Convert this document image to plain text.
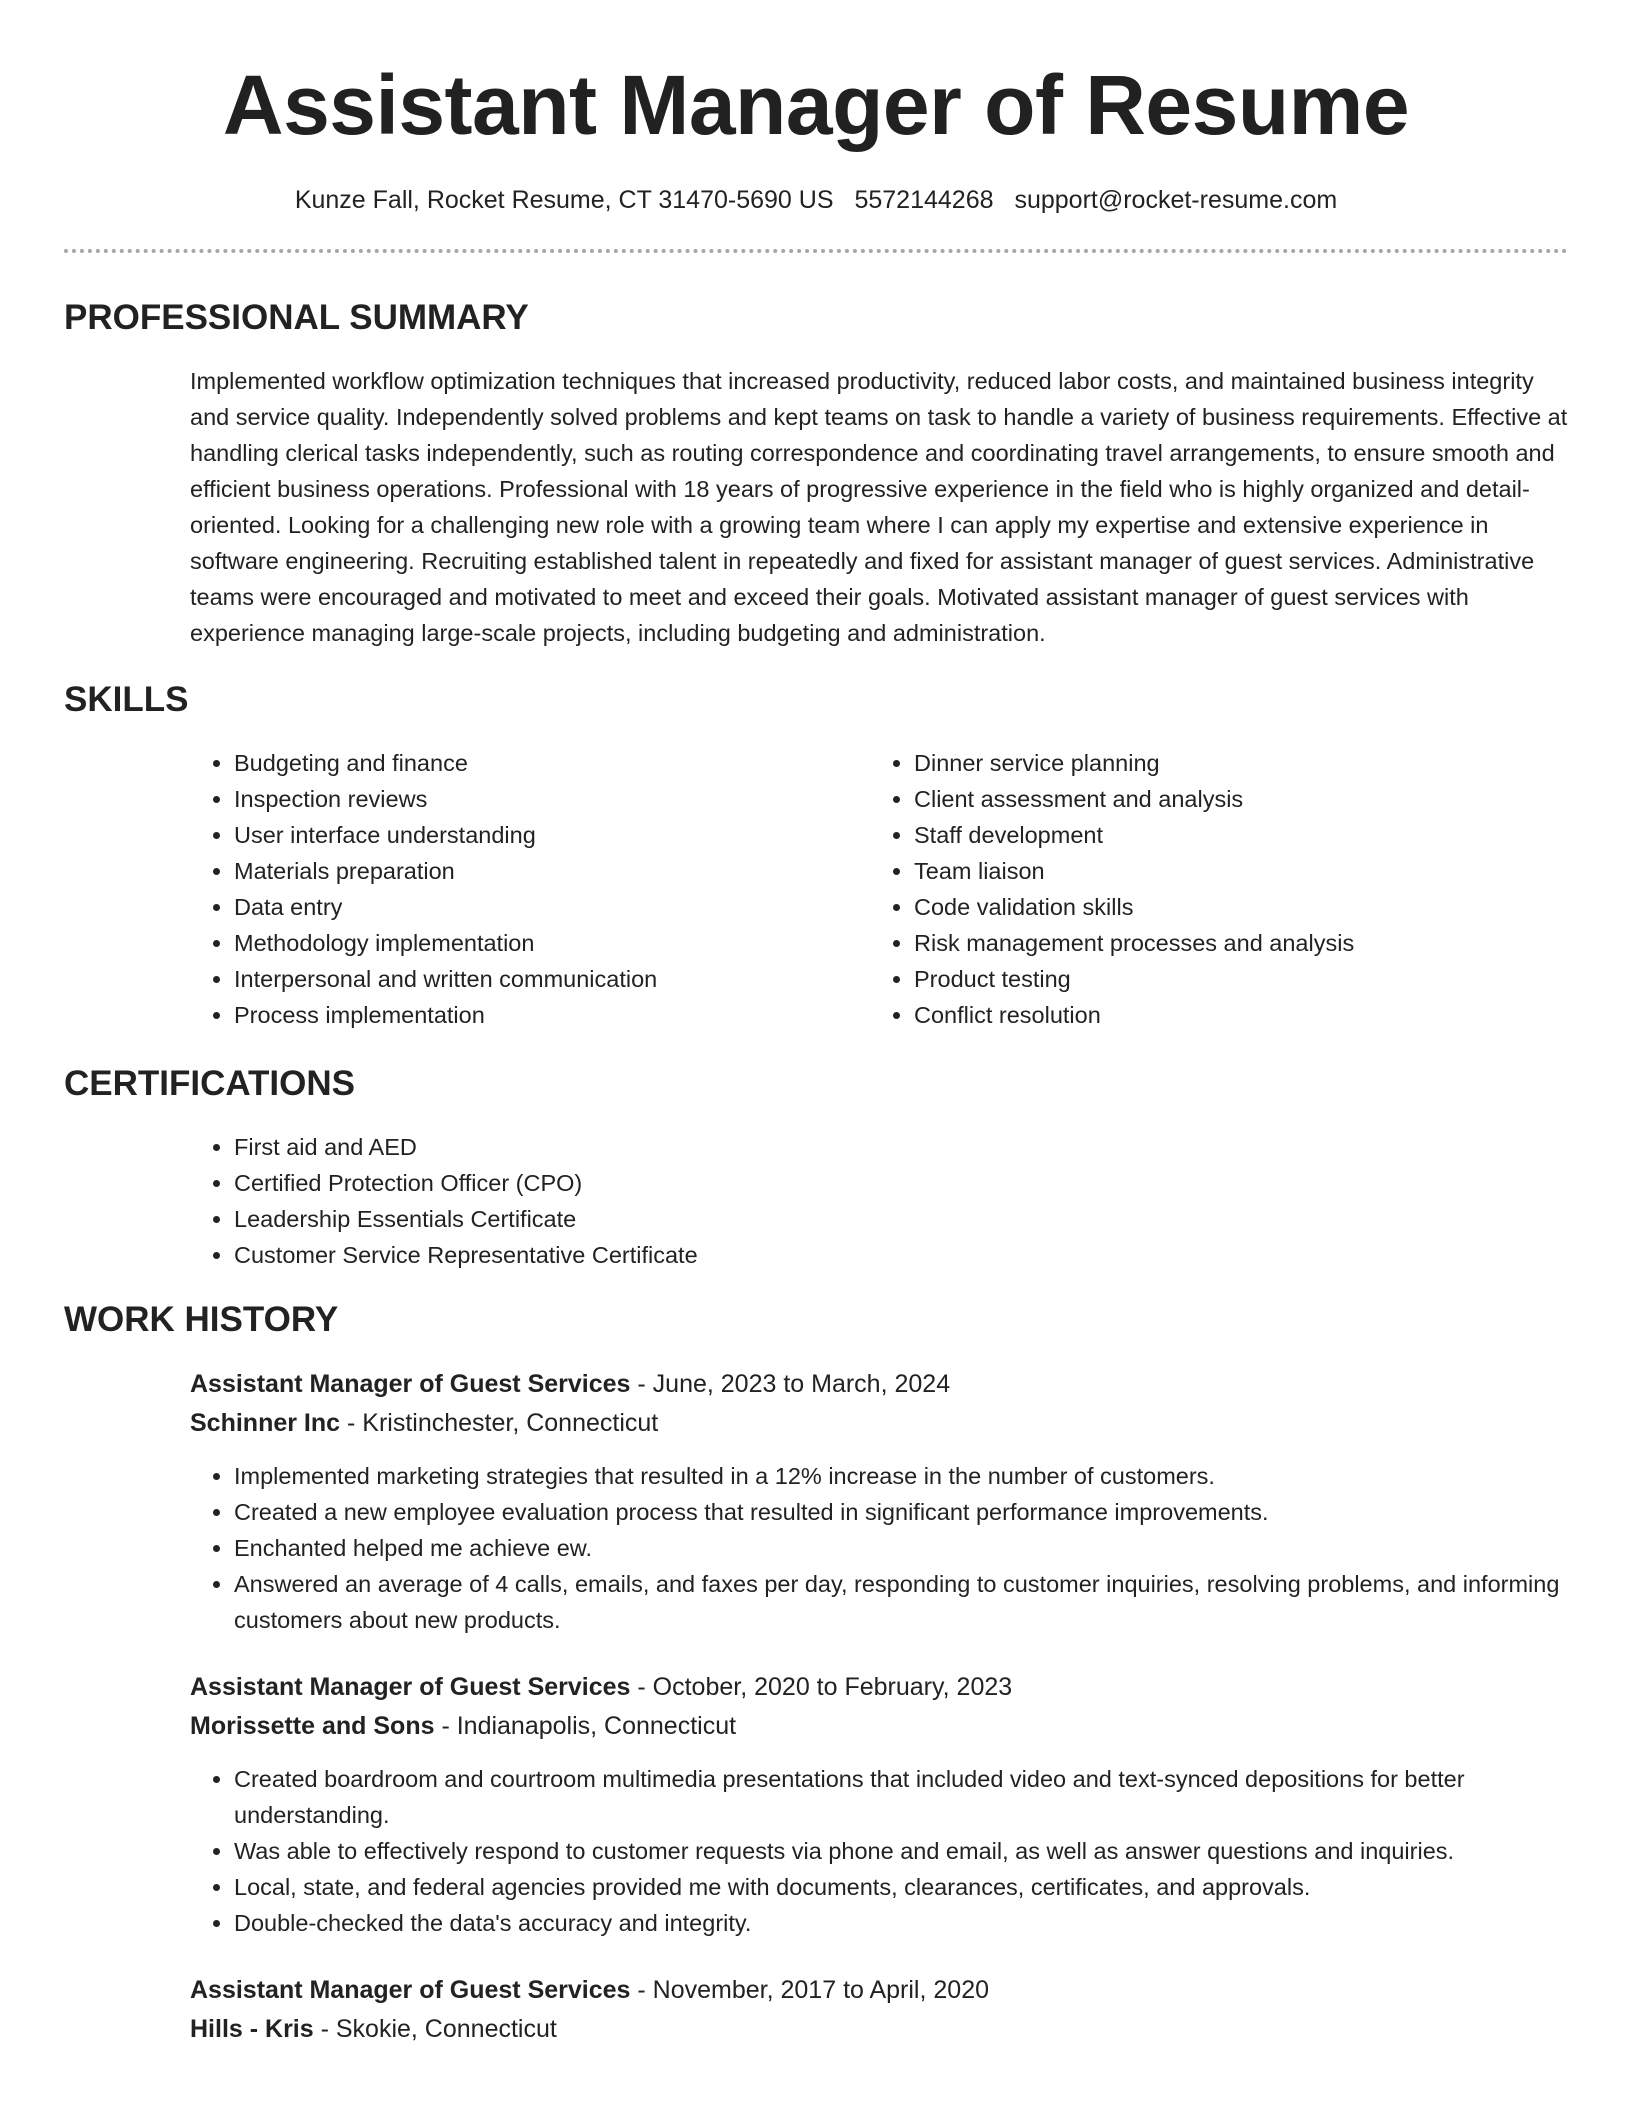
Assistant Manager of Resume
Kunze Fall, Rocket Resume, CT 31470-5690 US 5572144268 support@rocket-resume.com
PROFESSIONAL SUMMARY

Implemented workflow optimization techniques that increased productivity, reduced labor costs, and maintained business integrity and service quality. Independently solved problems and kept teams on task to handle a variety of business requirements. Effective at handling clerical tasks independently, such as routing correspondence and coordinating travel arrangements, to ensure smooth and efficient business operations. Professional with 18 years of progressive experience in the field who is highly organized and detail-oriented. Looking for a challenging new role with a growing team where I can apply my expertise and extensive experience in software engineering. Recruiting established talent in repeatedly and fixed for assistant manager of guest services. Administrative teams were encouraged and motivated to meet and exceed their goals. Motivated assistant manager of guest services with experience managing large-scale projects, including budgeting and administration.

SKILLS
• Budgeting and finance
• Inspection reviews
• User interface understanding
• Materials preparation
• Data entry
• Methodology implementation
• Interpersonal and written communication
• Process implementation
• Dinner service planning
• Client assessment and analysis
• Staff development
• Team liaison
• Code validation skills
• Risk management processes and analysis
• Product testing
• Conflict resolution
CERTIFICATIONS
• First aid and AED
• Certified Protection Officer (CPO)
• Leadership Essentials Certificate
• Customer Service Representative Certificate
WORK HISTORY
Assistant Manager of Guest Services - June, 2023 to March, 2024
Schinner Inc - Kristinchester, Connecticut
• Implemented marketing strategies that resulted in a 12% increase in the number of customers.
• Created a new employee evaluation process that resulted in significant performance improvements.
• Enchanted helped me achieve ew.
• Answered an average of 4 calls, emails, and faxes per day, responding to customer inquiries, resolving problems, and informing customers about new products.
Assistant Manager of Guest Services - October, 2020 to February, 2023
Morissette and Sons - Indianapolis, Connecticut
• Created boardroom and courtroom multimedia presentations that included video and text-synced depositions for better understanding.
• Was able to effectively respond to customer requests via phone and email, as well as answer questions and inquiries.
• Local, state, and federal agencies provided me with documents, clearances, certificates, and approvals.
• Double-checked the data's accuracy and integrity.
Assistant Manager of Guest Services - November, 2017 to April, 2020
Hills - Kris - Skokie, Connecticut
